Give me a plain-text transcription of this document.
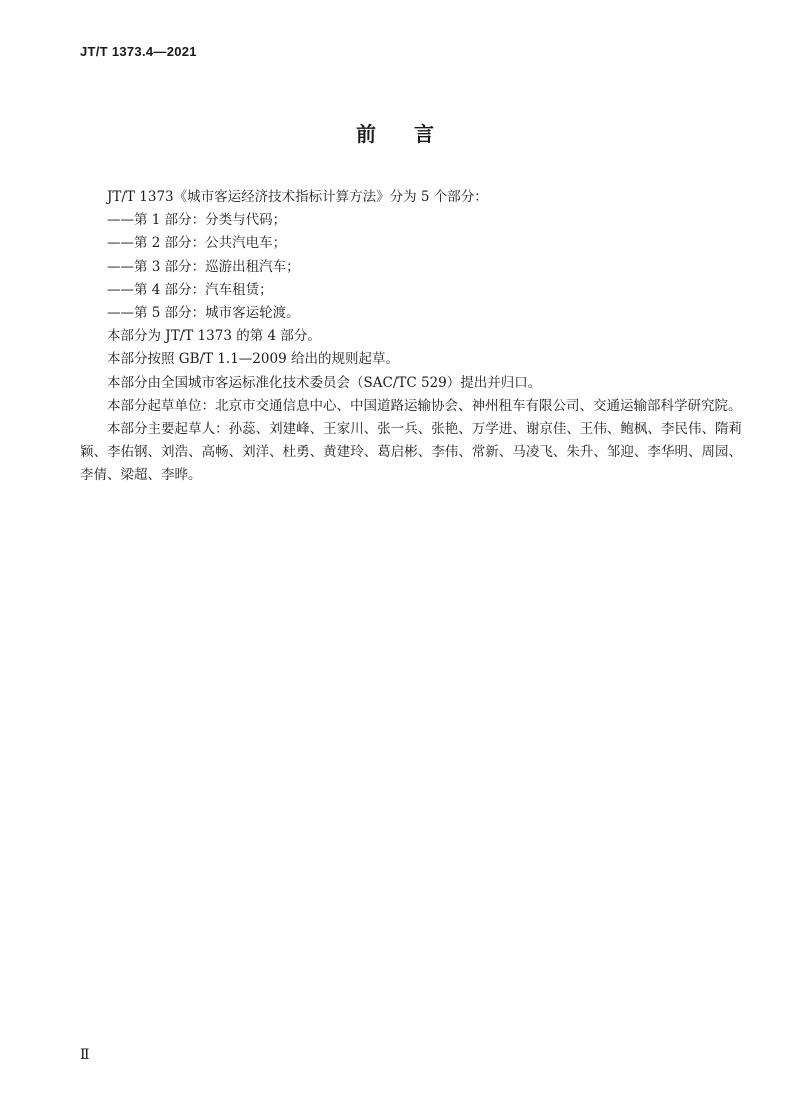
JT/T 1373.4—2021
前言

JT/T 1373《城市客运经济技术指标计算方法》分为 5 个部分：

——第 1 部分：分类与代码；

——第 2 部分：公共汽电车；

——第 3 部分：巡游出租汽车；

——第 4 部分：汽车租赁；

——第 5 部分：城市客运轮渡。

本部分为 JT/T 1373 的第 4 部分。

本部分按照 GB/T 1.1—2009 给出的规则起草。

本部分由全国城市客运标准化技术委员会（SAC/TC 529）提出并归口。

本部分起草单位：北京市交通信息中心、中国道路运输协会、神州租车有限公司、交通运输部科学研究院。

本部分主要起草人：孙蕊、刘建峰、王家川、张一兵、张艳、万学进、谢京佳、王伟、鲍枫、李民伟、隋莉颖、李佑钢、刘浩、高畅、刘洋、杜勇、黄建玲、葛启彬、李伟、常新、马凌飞、朱升、邹迎、李华明、周园、李倩、梁超、李晔。

Ⅱ
